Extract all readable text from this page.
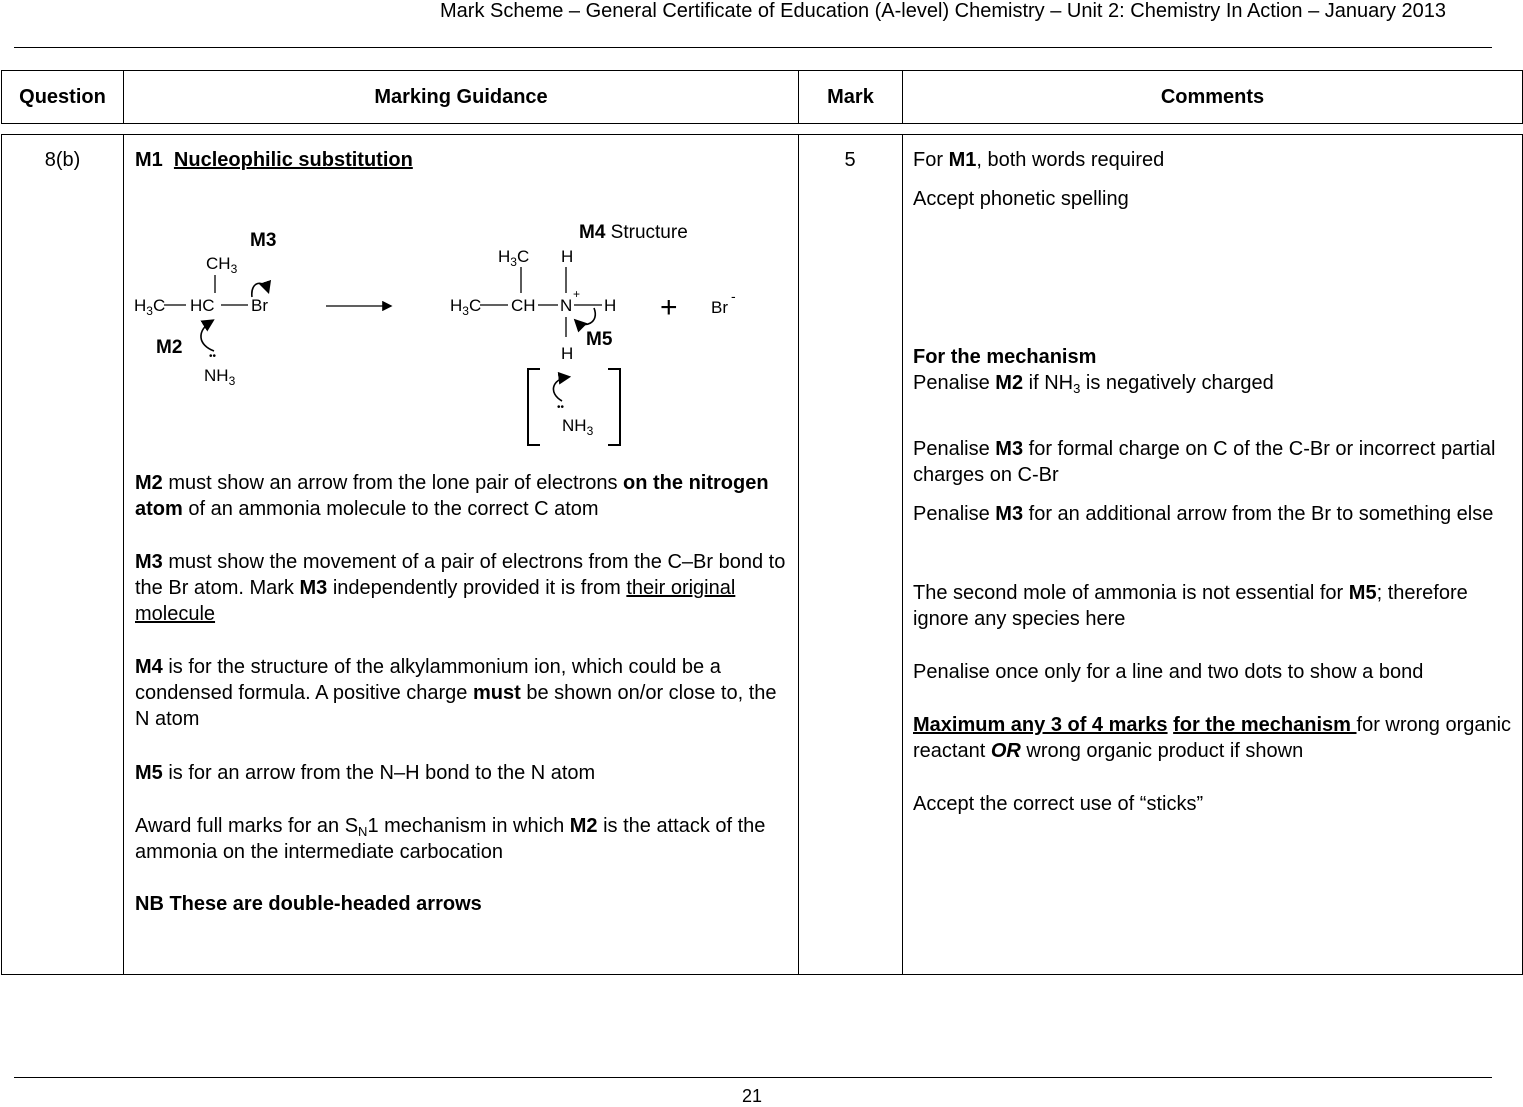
Mark Scheme – General Certificate of Education (A-level) Chemistry – Unit 2: Chemistry In Action – January 2013
Question	Marking Guidance	Mark	Comments
8(b)	M1 Nucleophilic substitution
M3
$CH_3$
$H_3C$ HC Br
M2	••
$NH_3$
M4 Structure
$H_3C$ H
$H_3C$ CH N
+
H
H
M5
+ Br
-
••
$NH_3$
M2 must show an arrow from the lone pair of electrons on the nitrogen atom of an ammonia molecule to the correct C atom
M3 must show the movement of a pair of electrons from the C–Br bond to the Br atom. Mark M3 independently provided it is from their original molecule
M4 is for the structure of the alkylammonium ion, which could be a condensed formula. A positive charge must be shown on/or close to, the N atom
M5 is for an arrow from the N–H bond to the N atom
Award full marks for an $S_N1$ mechanism in which M2 is the attack of the ammonia on the intermediate carbocation
NB These are double-headed arrows

5	For M1, both words required
Accept phonetic spelling
For the mechanism
Penalise M2 if $NH_3$ is negatively charged
Penalise M3 for formal charge on C of the C-Br or incorrect partial charges on C-Br
Penalise M3 for an additional arrow from the Br to something else
The second mole of ammonia is not essential for M5; therefore ignore any species here
Penalise once only for a line and two dots to show a bond
Maximum any 3 of 4 marks for the mechanism for wrong organic reactant OR wrong organic product if shown
Accept the correct use of “sticks”
21
